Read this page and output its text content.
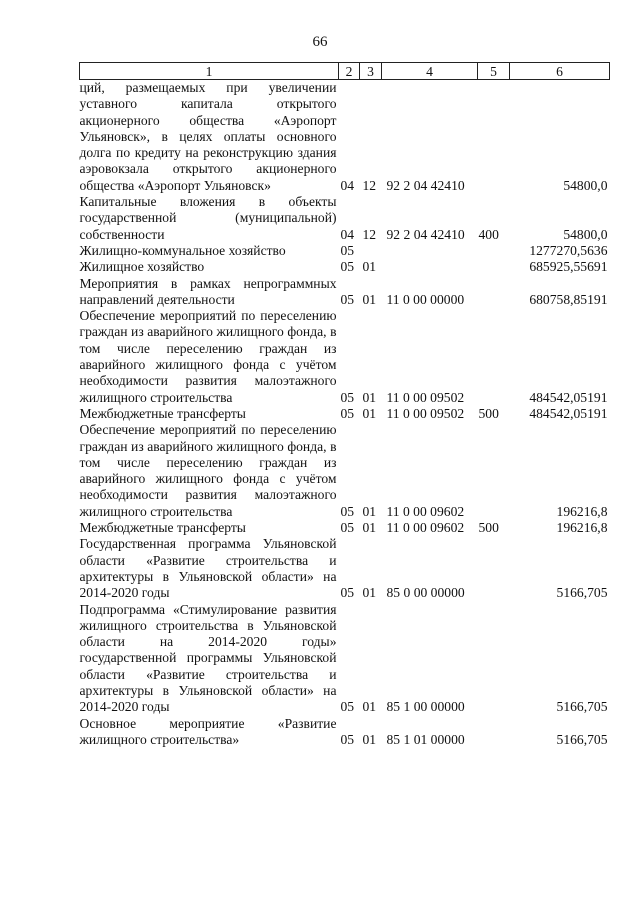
66
1	2	3	4	5	6
ций, размещаемых при увеличении уставного капитала открытого акционерного общества «Аэропорт Ульяновск», в целях оплаты основного долга по кредиту на реконструкцию здания аэровокзала открытого акционерного общества «Аэропорт Ульяновск»	04	12	92 2 04 42410		54800,0
Капитальные вложения в объекты государственной (муниципальной) собственности	04	12	92 2 04 42410	400	54800,0
Жилищно-коммунальное хозяйство	05				1277270,5636
Жилищное хозяйство	05	01			685925,55691
Мероприятия в рамках непрограммных направлений деятельности	05	01	11 0 00 00000		680758,85191
Обеспечение мероприятий по переселению граждан из аварийного жилищного фонда, в том числе переселению граждан из аварийного жилищного фонда с учётом необходимости развития малоэтажного жилищного строительства	05	01	11 0 00 09502		484542,05191
Межбюджетные трансферты	05	01	11 0 00 09502	500	484542,05191
Обеспечение мероприятий по переселению граждан из аварийного жилищного фонда, в том числе переселению граждан из аварийного жилищного фонда с учётом необходимости развития малоэтажного жилищного строительства	05	01	11 0 00 09602		196216,8
Межбюджетные трансферты	05	01	11 0 00 09602	500	196216,8
Государственная программа Ульяновской области «Развитие строительства и архитектуры в Ульяновской области» на 2014-2020 годы	05	01	85 0 00 00000		5166,705
Подпрограмма «Стимулирование развития жилищного строительства в Ульяновской области на 2014-2020 годы» государственной программы Ульяновской области «Развитие строительства и архитектуры в Ульяновской области» на 2014-2020 годы	05	01	85 1 00 00000		5166,705
Основное мероприятие «Развитие жилищного строительства»	05	01	85 1 01 00000		5166,705
